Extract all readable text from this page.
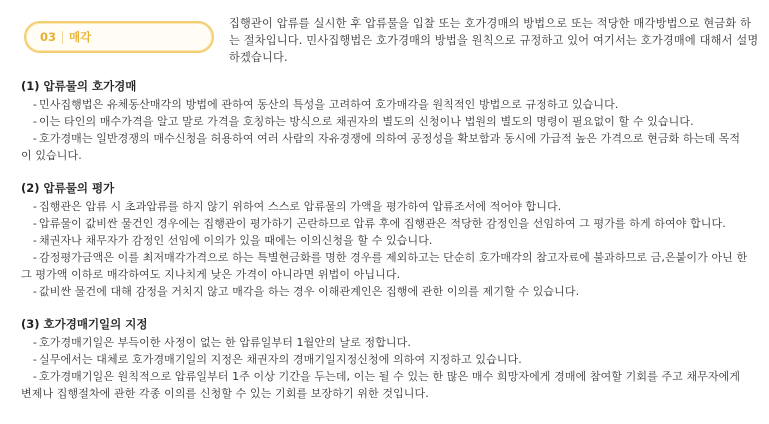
03 매각
집행관이 압류를 실시한 후 압류물을 입찰 또는 호가경매의 방법으로 또는 적당한 매각방법으로 현금화 하는 절차입니다. 민사집행법은 호가경매의 방법을 원칙으로 규정하고 있어 여기서는 호가경매에 대해서 설명하겠습니다.
(1) 압류물의 호가경매
- 민사집행법은 유체동산매각의 방법에 관하여 동산의 특성을 고려하여 호가매각을 원칙적인 방법으로 규정하고 있습니다.
- 이는 타인의 매수가격을 알고 말로 가격을 호칭하는 방식으로 채권자의 별도의 신청이나 법원의 별도의 명령이 필요없이 할 수 있습니다.
- 호가경매는 일반경쟁의 매수신청을 허용하여 여러 사람의 자유경쟁에 의하여 공정성을 확보함과 동시에 가급적 높은 가격으로 현금화 하는데 목적이 있습니다.
(2) 압류물의 평가
- 집행관은 압류 시 초과압류를 하지 않기 위하여 스스로 압류물의 가액을 평가하여 압류조서에 적어야 합니다.
- 압류물이 값비싼 물건인 경우에는 집행관이 평가하기 곤란하므로 압류 후에 집행관은 적당한 감정인을 선임하여 그 평가를 하게 하여야 합니다.
- 채권자나 채무자가 감정인 선임에 이의가 있을 때에는 이의신청을 할 수 있습니다.
- 감정평가금액은 이를 최저매각가격으로 하는 특별현금화를 명한 경우를 제외하고는 단순히 호가매각의 참고자료에 불과하므로 금,은붙이가 아닌 한 그 평가액 이하로 매각하여도 지나치게 낮은 가격이 아니라면 위법이 아닙니다.
- 값비싼 물건에 대해 감정을 거치지 않고 매각을 하는 경우 이해관계인은 집행에 관한 이의를 제기할 수 있습니다.
(3) 호가경매기일의 지정
- 호가경매기일은 부득이한 사정이 없는 한 압류일부터 1월안의 날로 정합니다.
- 실무에서는 대체로 호가경매기일의 지정은 채권자의 경매기일지정신청에 의하여 지정하고 있습니다.
- 호가경매기일은 원칙적으로 압류일부터 1주 이상 기간을 두는데, 이는 될 수 있는 한 많은 매수 희망자에게 경매에 참여할 기회를 주고 채무자에게 변제나 집행절차에 관한 각종 이의를 신청할 수 있는 기회를 보장하기 위한 것입니다.
